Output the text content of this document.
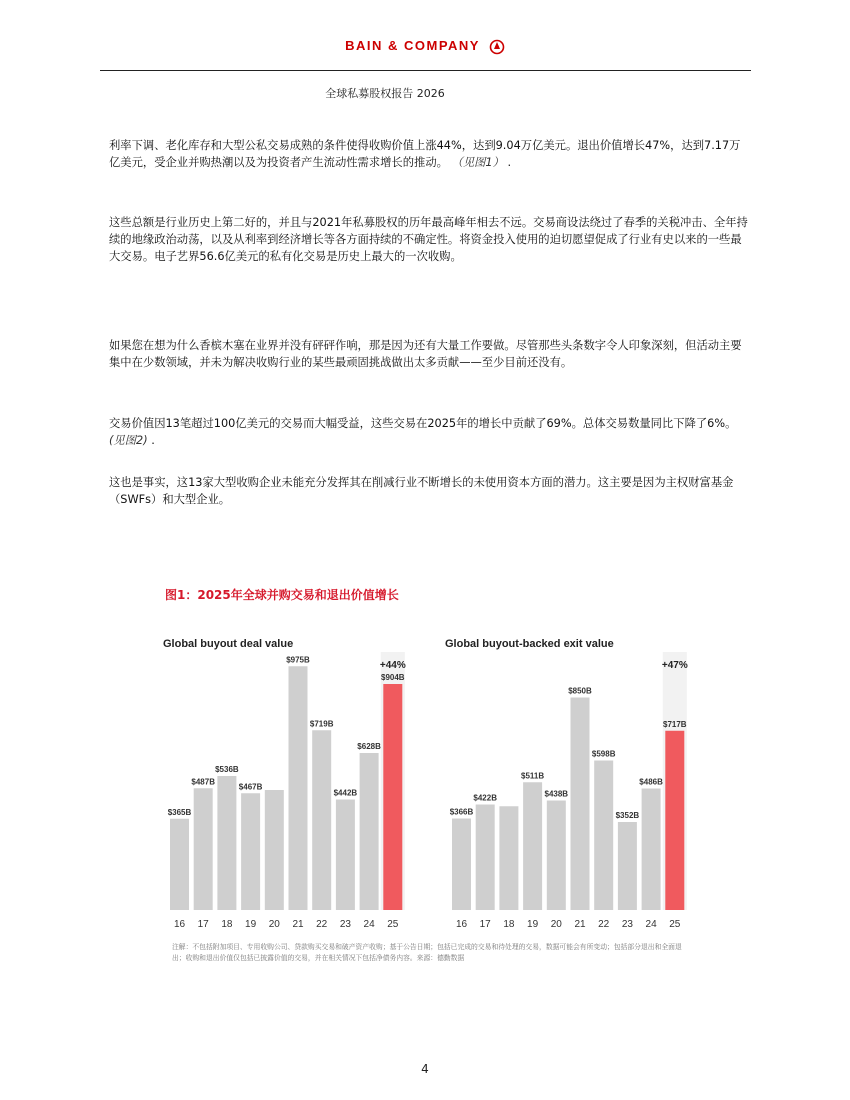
BAIN & COMPANY
全球私募股权报告 2026

利率下调、老化库存和大型公私交易成熟的条件使得收购价值上涨44%，达到9.04万亿美元。退出价值增长47%，达到7.17万亿美元，受企业并购热潮以及为投资者产生流动性需求增长的推动。 （见图1） .

这些总额是行业历史上第二好的，并且与2021年私募股权的历年最高峰年相去不远。交易商设法绕过了春季的关税冲击、全年持续的地缘政治动荡，以及从利率到经济增长等各方面持续的不确定性。将资金投入使用的迫切愿望促成了行业有史以来的一些最大交易。电子艺界56.6亿美元的私有化交易是历史上最大的一次收购。

如果您在想为什么香槟木塞在业界并没有砰砰作响，那是因为还有大量工作要做。尽管那些头条数字令人印象深刻，但活动主要集中在少数领域，并未为解决收购行业的某些最顽固挑战做出太多贡献——至少目前还没有。

交易价值因13笔超过100亿美元的交易而大幅受益，这些交易在2025年的增长中贡献了69%。总体交易数量同比下降了6%。 (见图2) .

这也是事实，这13家大型收购企业未能充分发挥其在削减行业不断增长的未使用资本方面的潜力。这主要是因为主权财富基金（SWFs）和大型企业。

图1：2025年全球并购交易和退出价值增长
Global buyout deal value
+44%
$365B
16
$487B
17
$536B
18
$467B
19 20
$975B
21
$719B
22
$442B
23
$628B
24
$904B
25
Global buyout-backed exit value
+47%
$366B
16
$422B
17 18
$511B
19
$438B
20
$850B
21
$598B
22
$352B
23
$486B
24
$717B
25

注解：不包括附加项目、专用收购公司、贷款购买交易和破产资产收购；基于公告日期；包括已完成的交易和待处理的交易，数据可能会有所变动；包括部分退出和全面退出；收购和退出价值仅包括已披露价值的交易，并在相关情况下包括净债务内容。来源：德勤数据

4
